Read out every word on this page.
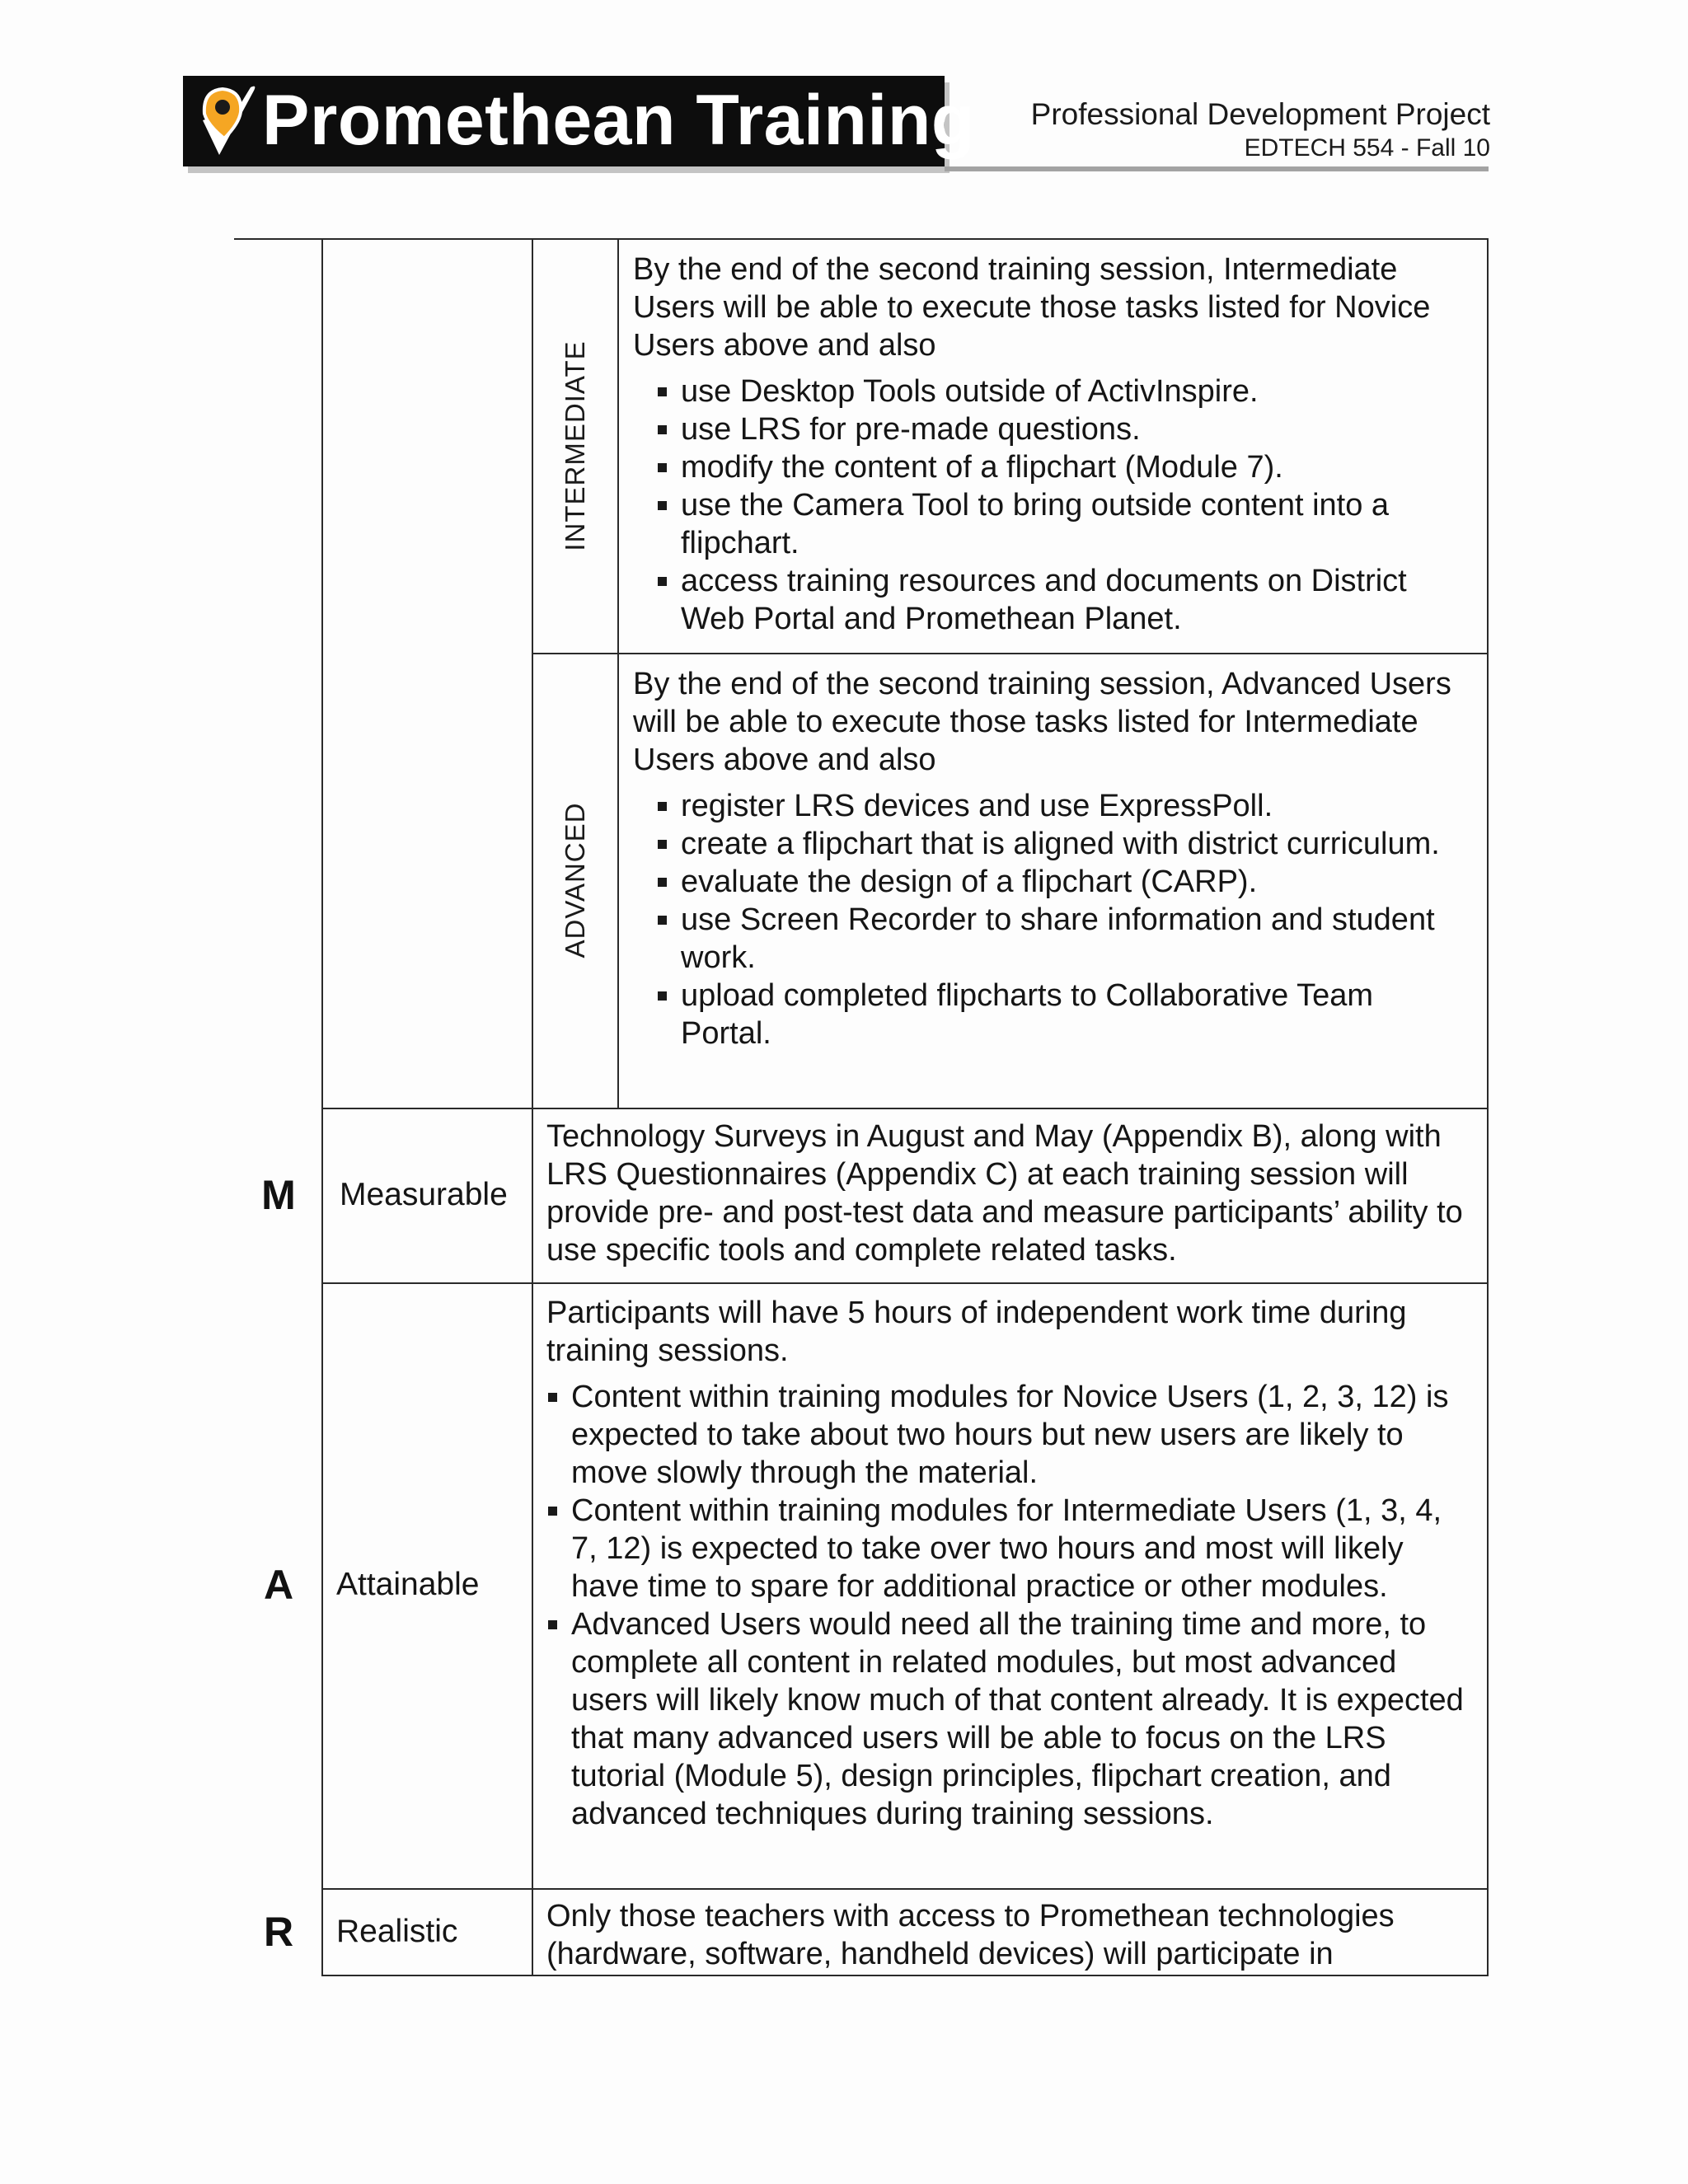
Promethean Training Professional Development Project
EDTECH 554 - Fall 10
INTERMEDIATE

By the end of the second training session, Intermediate Users will be able to execute those tasks listed for Novice Users above and also

use Desktop Tools outside of ActivInspire.
use LRS for pre-made questions.
modify the content of a flipchart (Module 7).
use the Camera Tool to bring outside content into a flipchart.
access training resources and documents on District Web Portal and Promethean Planet.
ADVANCED

By the end of the second training session, Advanced Users will be able to execute those tasks listed for Intermediate Users above and also

register LRS devices and use ExpressPoll.
create a flipchart that is aligned with district curriculum.
evaluate the design of a flipchart (CARP).
use Screen Recorder to share information and student work.
upload completed flipcharts to Collaborative Team Portal.
M Measurable

Technology Surveys in August and May (Appendix B), along with LRS Questionnaires (Appendix C) at each training session will provide pre- and post-test data and measure participants’ ability to use specific tools and complete related tasks.

A Attainable

Participants will have 5 hours of independent work time during training sessions.

Content within training modules for Novice Users (1, 2, 3, 12) is expected to take about two hours but new users are likely to move slowly through the material.
Content within training modules for Intermediate Users (1, 3, 4, 7, 12) is expected to take over two hours and most will likely have time to spare for additional practice or other modules.
Advanced Users would need all the training time and more, to complete all content in related modules, but most advanced users will likely know much of that content already. It is expected that many advanced users will be able to focus on the LRS tutorial (Module 5), design principles, flipchart creation, and advanced techniques during training sessions.
R Realistic	Only those teachers with access to Promethean technologies (hardware, software, handheld devices) will participate in
